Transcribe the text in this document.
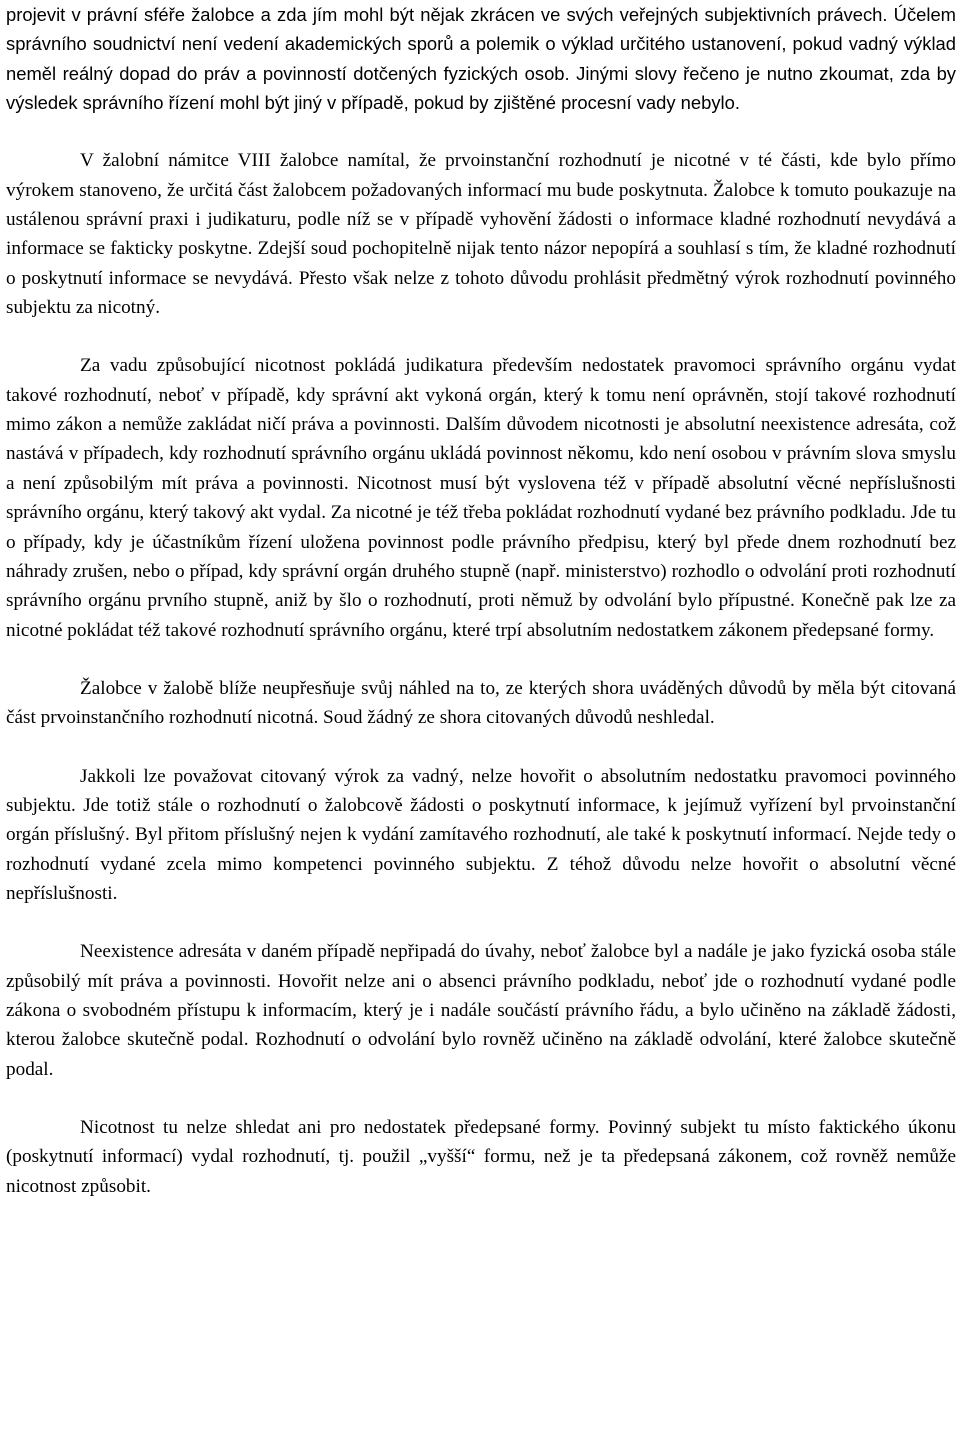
projevit v právní sféře žalobce a zda jím mohl být nějak zkrácen ve svých veřejných subjektivních právech. Účelem správního soudnictví není vedení akademických sporů a polemik o výklad určitého ustanovení, pokud vadný výklad neměl reálný dopad do práv a povinností dotčených fyzických osob. Jinými slovy řečeno je nutno zkoumat, zda by výsledek správního řízení mohl být jiný v případě, pokud by zjištěné procesní vady nebylo.

V žalobní námitce VIII žalobce namítal, že prvoinstanční rozhodnutí je nicotné v té části, kde bylo přímo výrokem stanoveno, že určitá část žalobcem požadovaných informací mu bude poskytnuta. Žalobce k tomuto poukazuje na ustálenou správní praxi i judikaturu, podle níž se v případě vyhovění žádosti o informace kladné rozhodnutí nevydává a informace se fakticky poskytne. Zdejší soud pochopitelně nijak tento názor nepopírá a souhlasí s tím, že kladné rozhodnutí o poskytnutí informace se nevydává. Přesto však nelze z tohoto důvodu prohlásit předmětný výrok rozhodnutí povinného subjektu za nicotný.

Za vadu způsobující nicotnost pokládá judikatura především nedostatek pravomoci správního orgánu vydat takové rozhodnutí, neboť v případě, kdy správní akt vykoná orgán, který k tomu není oprávněn, stojí takové rozhodnutí mimo zákon a nemůže zakládat ničí práva a povinnosti. Dalším důvodem nicotnosti je absolutní neexistence adresáta, což nastává v případech, kdy rozhodnutí správního orgánu ukládá povinnost někomu, kdo není osobou v právním slova smyslu a není způsobilým mít práva a povinnosti. Nicotnost musí být vyslovena též v případě absolutní věcné nepříslušnosti správního orgánu, který takový akt vydal. Za nicotné je též třeba pokládat rozhodnutí vydané bez právního podkladu. Jde tu o případy, kdy je účastníkům řízení uložena povinnost podle právního předpisu, který byl přede dnem rozhodnutí bez náhrady zrušen, nebo o případ, kdy správní orgán druhého stupně (např. ministerstvo) rozhodlo o odvolání proti rozhodnutí správního orgánu prvního stupně, aniž by šlo o rozhodnutí, proti němuž by odvolání bylo přípustné. Konečně pak lze za nicotné pokládat též takové rozhodnutí správního orgánu, které trpí absolutním nedostatkem zákonem předepsané formy.

Žalobce v žalobě blíže neupřesňuje svůj náhled na to, ze kterých shora uváděných důvodů by měla být citovaná část prvoinstančního rozhodnutí nicotná. Soud žádný ze shora citovaných důvodů neshledal.

Jakkoli lze považovat citovaný výrok za vadný, nelze hovořit o absolutním nedostatku pravomoci povinného subjektu. Jde totiž stále o rozhodnutí o žalobcově žádosti o poskytnutí informace, k jejímuž vyřízení byl prvoinstanční orgán příslušný. Byl přitom příslušný nejen k vydání zamítavého rozhodnutí, ale také k poskytnutí informací. Nejde tedy o rozhodnutí vydané zcela mimo kompetenci povinného subjektu. Z téhož důvodu nelze hovořit o absolutní věcné nepříslušnosti.

Neexistence adresáta v daném případě nepřipadá do úvahy, neboť žalobce byl a nadále je jako fyzická osoba stále způsobilý mít práva a povinnosti. Hovořit nelze ani o absenci právního podkladu, neboť jde o rozhodnutí vydané podle zákona o svobodném přístupu k informacím, který je i nadále součástí právního řádu, a bylo učiněno na základě žádosti, kterou žalobce skutečně podal. Rozhodnutí o odvolání bylo rovněž učiněno na základě odvolání, které žalobce skutečně podal.

Nicotnost tu nelze shledat ani pro nedostatek předepsané formy. Povinný subjekt tu místo faktického úkonu (poskytnutí informací) vydal rozhodnutí, tj. použil „vyšší“ formu, než je ta předepsaná zákonem, což rovněž nemůže nicotnost způsobit.
